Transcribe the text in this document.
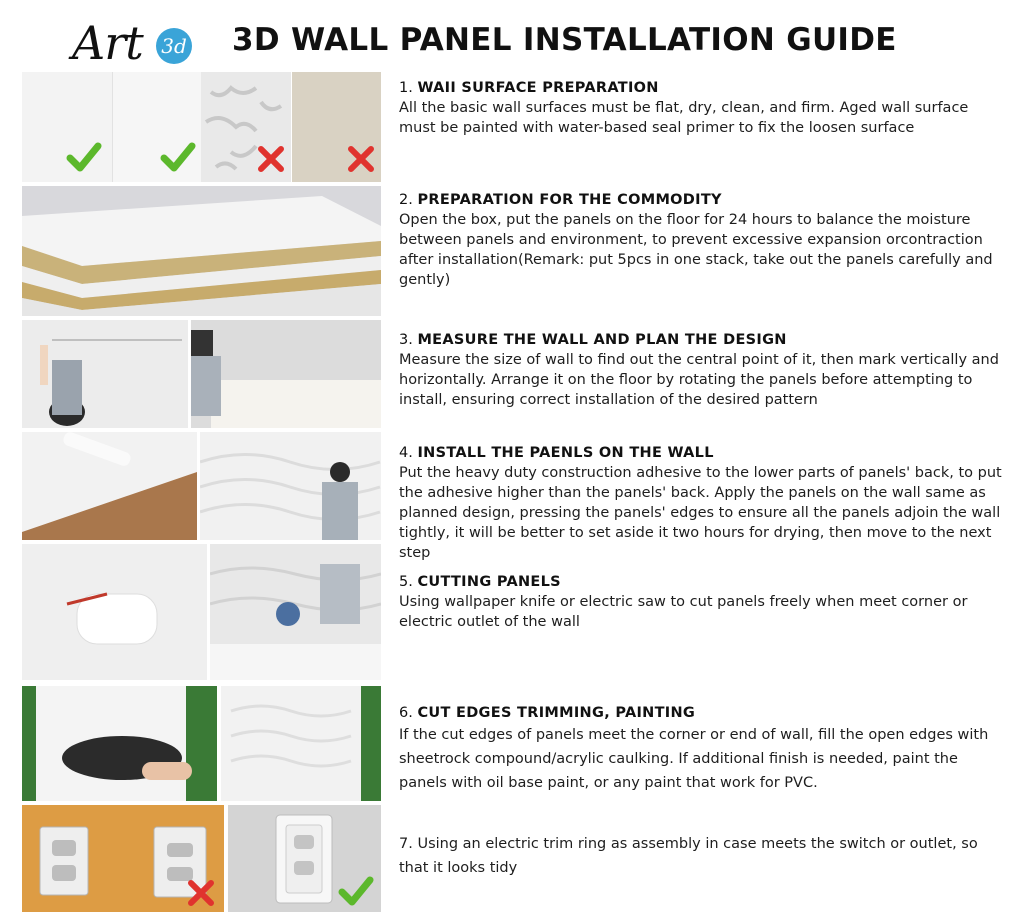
Art 3d 3D WALL PANEL INSTALLATION GUIDE
1. WAII SURFACE PREPARATION
All the basic wall surfaces must be flat, dry, clean, and firm. Aged wall surface must be painted with water-based seal primer to fix the loosen surface
2. PREPARATION FOR THE COMMODITY
Open the box, put the panels on the floor for 24 hours to balance the moisture between panels and environment, to prevent excessive expansion orcontraction after installation(Remark: put 5pcs in one stack, take out the panels carefully and gently)
3. MEASURE THE WALL AND PLAN THE DESIGN
Measure the size of wall to find out the central point of it, then mark vertically and horizontally. Arrange it on the floor by rotating the panels before attempting to install, ensuring correct installation of the desired pattern
4. INSTALL THE PAENLS ON THE WALL
Put the heavy duty construction adhesive to the lower parts of panels' back, to put the adhesive higher than the panels' back. Apply the panels on the wall same as planned design, pressing the panels' edges to ensure all the panels adjoin the wall tightly, it will be better to set aside it two hours for drying, then move to the next step
5. CUTTING PANELS
Using wallpaper knife or electric saw to cut panels freely when meet corner or electric outlet of the wall
6. CUT EDGES TRIMMING, PAINTING
If the cut edges of panels meet the corner or end of wall, fill the open edges with sheetrock compound/acrylic caulking. If additional finish is needed, paint the panels with oil base paint, or any paint that work for PVC.
7. Using an electric trim ring as assembly in case meets the switch or outlet, so that it looks tidy
